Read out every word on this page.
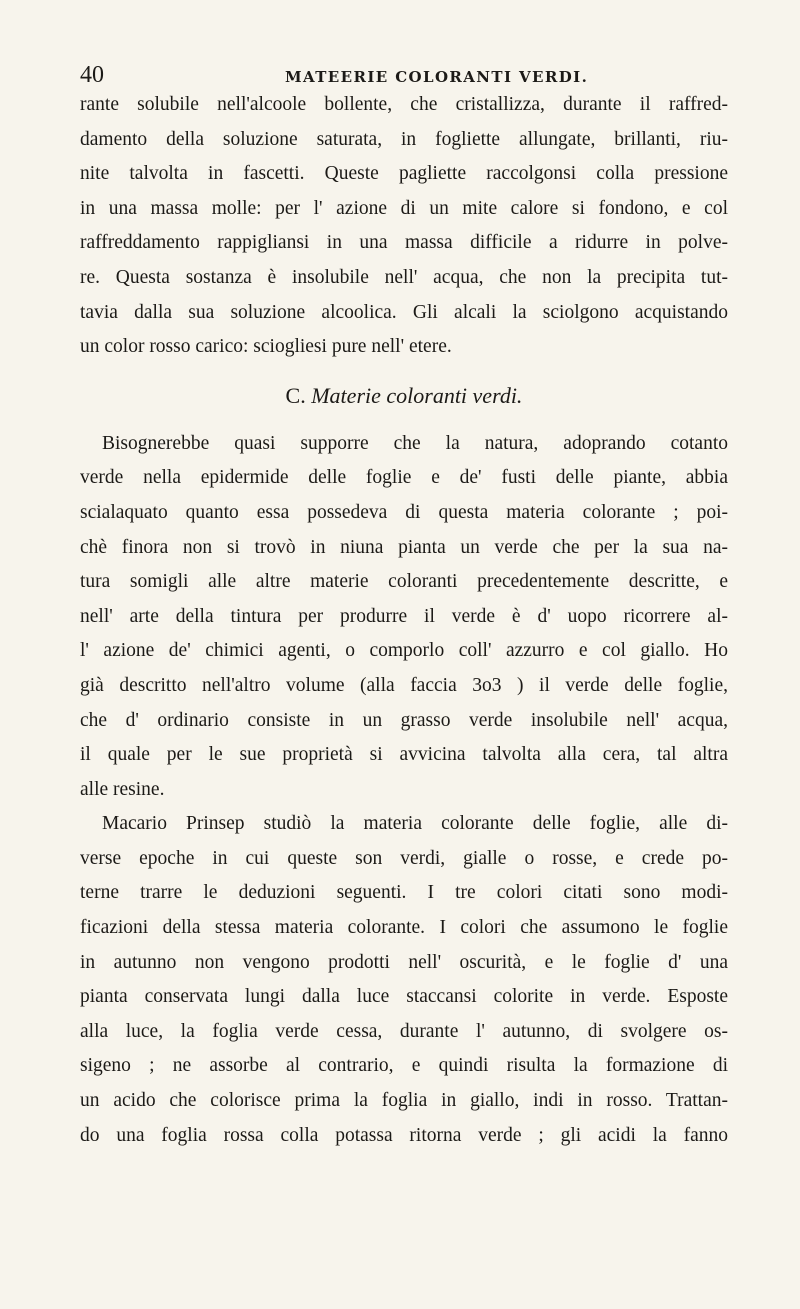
40	MATEERIE COLORANTI VERDI.
rante solubile nell'alcoole bollente, che cristallizza, durante il raffred-
damento della soluzione saturata, in fogliette allungate, brillanti, riu-
nite talvolta in fascetti. Queste pagliette raccolgonsi colla pressione
in una massa molle: per l' azione di un mite calore si fondono, e col
raffreddamento rappigliansi in una massa difficile a ridurre in polve-
re. Questa sostanza è insolubile nell' acqua, che non la precipita tut-
tavia dalla sua soluzione alcoolica. Gli alcali la sciolgono acquistando
un color rosso carico: sciogliesi pure nell' etere.
C. Materie coloranti verdi.
Bisognerebbe quasi supporre che la natura, adoprando cotanto
verde nella epidermide delle foglie e de' fusti delle piante, abbia
scialaquato quanto essa possedeva di questa materia colorante ; poi-
chè finora non si trovò in niuna pianta un verde che per la sua na-
tura somigli alle altre materie coloranti precedentemente descritte, e
nell' arte della tintura per produrre il verde è d' uopo ricorrere al-
l' azione de' chimici agenti, o comporlo coll' azzurro e col giallo. Ho
già descritto nell'altro volume (alla faccia 3o3 ) il verde delle foglie,
che d' ordinario consiste in un grasso verde insolubile nell' acqua,
il quale per le sue proprietà si avvicina talvolta alla cera, tal altra
alle resine.
Macario Prinsep studiò la materia colorante delle foglie, alle di-
verse epoche in cui queste son verdi, gialle o rosse, e crede po-
terne trarre le deduzioni seguenti. I tre colori citati sono modi-
ficazioni della stessa materia colorante. I colori che assumono le foglie
in autunno non vengono prodotti nell' oscurità, e le foglie d' una
pianta conservata lungi dalla luce staccansi colorite in verde. Esposte
alla luce, la foglia verde cessa, durante l' autunno, di svolgere os-
sigeno ; ne assorbe al contrario, e quindi risulta la formazione di
un acido che colorisce prima la foglia in giallo, indi in rosso. Trattan-
do una foglia rossa colla potassa ritorna verde ; gli acidi la fanno
